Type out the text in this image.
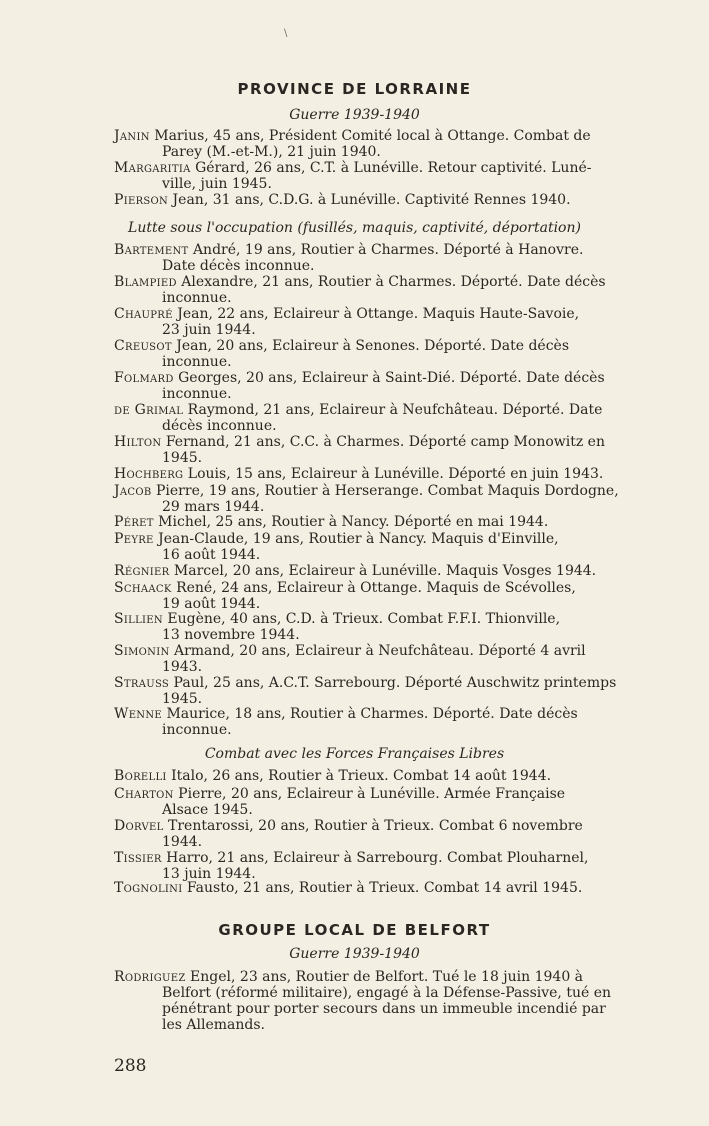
\
PROVINCE DE LORRAINE
Guerre 1939-1940
Janin Marius, 45 ans, Président Comité local à Ottange. Combat de
Parey (M.-et-M.), 21 juin 1940.
Margaritia Gérard, 26 ans, C.T. à Lunéville. Retour captivité. Luné-
ville, juin 1945.
Pierson Jean, 31 ans, C.D.G. à Lunéville. Captivité Rennes 1940.
Lutte sous l'occupation (fusillés, maquis, captivité, déportation)
Bartement André, 19 ans, Routier à Charmes. Déporté à Hanovre.
Date décès inconnue.
Blampied Alexandre, 21 ans, Routier à Charmes. Déporté. Date décès
inconnue.
Chaupré Jean, 22 ans, Eclaireur à Ottange. Maquis Haute-Savoie,
23 juin 1944.
Creusot Jean, 20 ans, Eclaireur à Senones. Déporté. Date décès
inconnue.
Folmard Georges, 20 ans, Eclaireur à Saint-Dié. Déporté. Date décès
inconnue.
de Grimal Raymond, 21 ans, Eclaireur à Neufchâteau. Déporté. Date
décès inconnue.
Hilton Fernand, 21 ans, C.C. à Charmes. Déporté camp Monowitz en
1945.
Hochberg Louis, 15 ans, Eclaireur à Lunéville. Déporté en juin 1943.
Jacob Pierre, 19 ans, Routier à Herserange. Combat Maquis Dordogne,
29 mars 1944.
Péret Michel, 25 ans, Routier à Nancy. Déporté en mai 1944.
Peyre Jean-Claude, 19 ans, Routier à Nancy. Maquis d'Einville,
16 août 1944.
Régnier Marcel, 20 ans, Eclaireur à Lunéville. Maquis Vosges 1944.
Schaack René, 24 ans, Eclaireur à Ottange. Maquis de Scévolles,
19 août 1944.
Sillien Eugène, 40 ans, C.D. à Trieux. Combat F.F.I. Thionville,
13 novembre 1944.
Simonin Armand, 20 ans, Eclaireur à Neufchâteau. Déporté 4 avril
1943.
Strauss Paul, 25 ans, A.C.T. Sarrebourg. Déporté Auschwitz printemps
1945.
Wenne Maurice, 18 ans, Routier à Charmes. Déporté. Date décès
inconnue.
Combat avec les Forces Françaises Libres
Borelli Italo, 26 ans, Routier à Trieux. Combat 14 août 1944.
Charton Pierre, 20 ans, Eclaireur à Lunéville. Armée Française
Alsace 1945.
Dorvel Trentarossi, 20 ans, Routier à Trieux. Combat 6 novembre
1944.
Tissier Harro, 21 ans, Eclaireur à Sarrebourg. Combat Plouharnel,
13 juin 1944.
Tognolini Fausto, 21 ans, Routier à Trieux. Combat 14 avril 1945.
GROUPE LOCAL DE BELFORT
Guerre 1939-1940
Rodriguez Engel, 23 ans, Routier de Belfort. Tué le 18 juin 1940 à
Belfort (réformé militaire), engagé à la Défense-Passive, tué en
pénétrant pour porter secours dans un immeuble incendié par
les Allemands.
288
